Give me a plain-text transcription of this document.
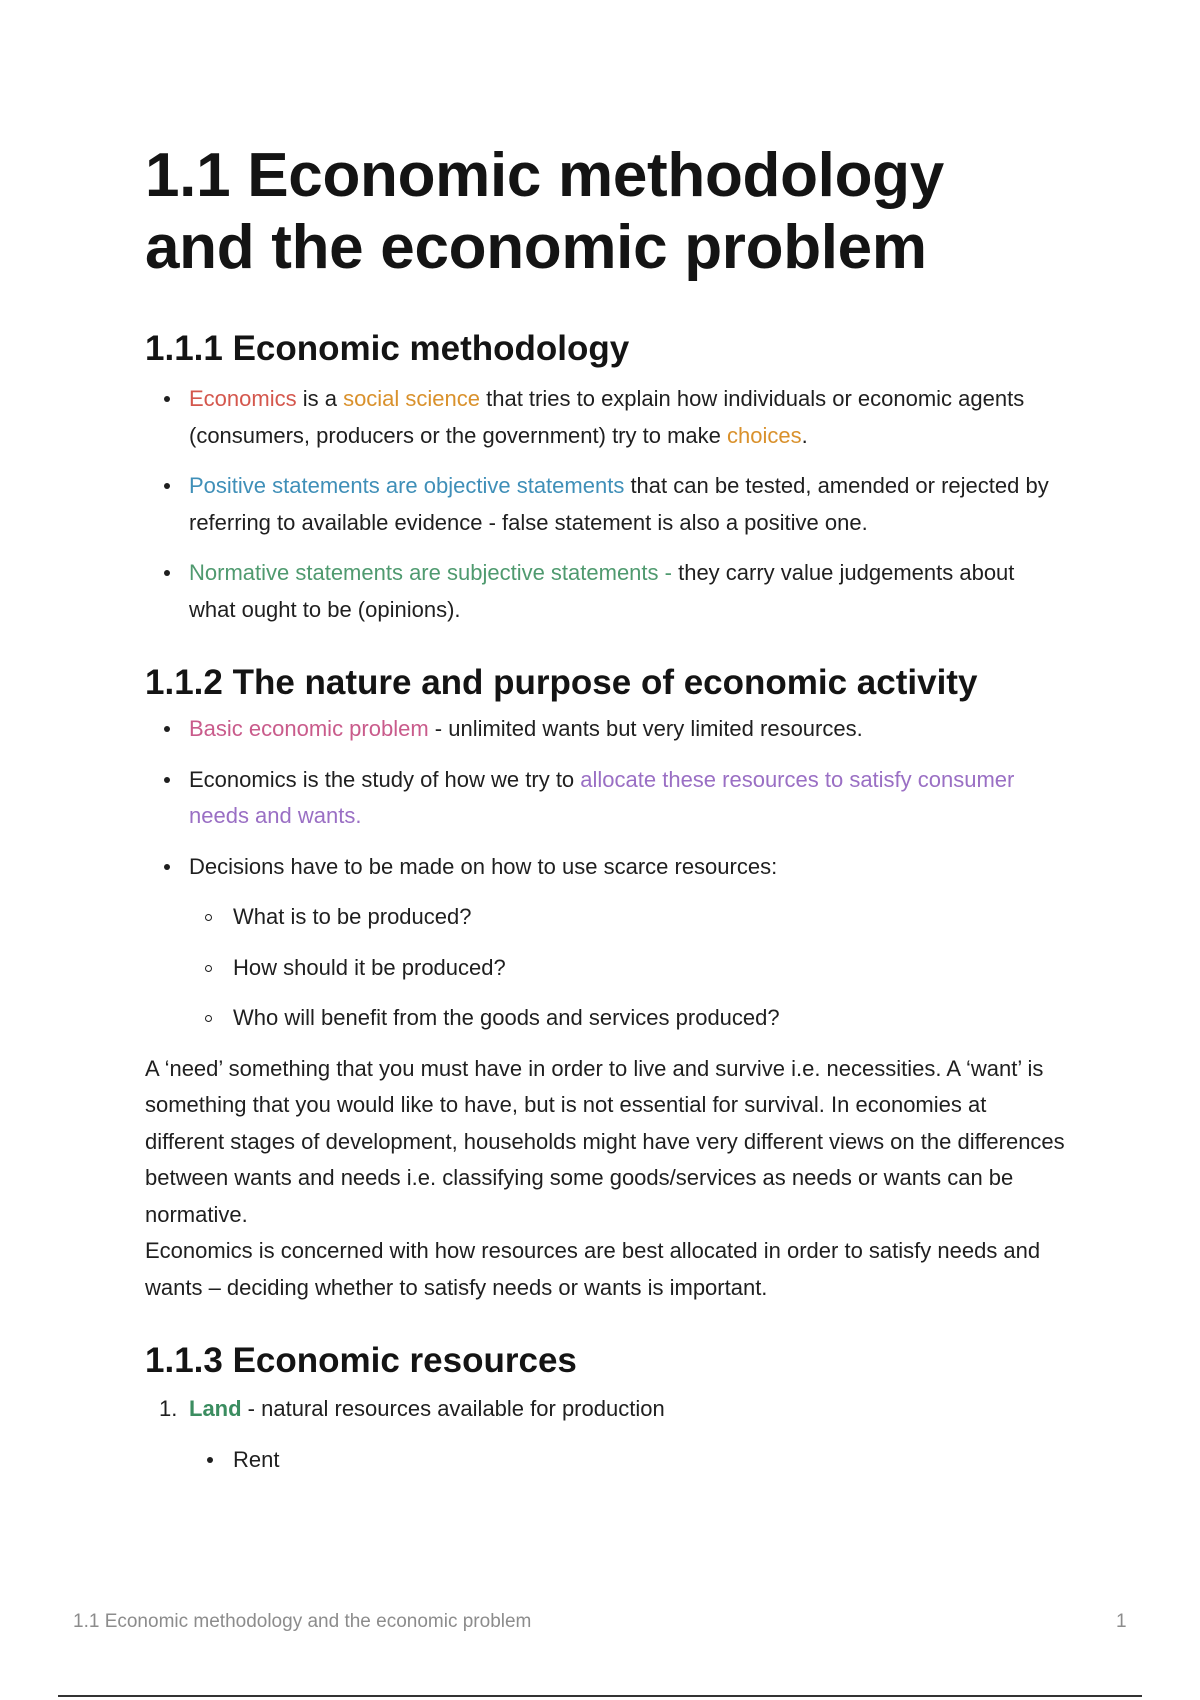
1.1 Economic methodology and the economic problem
1.1.1 Economic methodology
Economics is a social science that tries to explain how individuals or economic agents (consumers, producers or the government) try to make choices.
Positive statements are objective statements that can be tested, amended or rejected by referring to available evidence - false statement is also a positive one.
Normative statements are subjective statements - they carry value judgements about what ought to be (opinions).
1.1.2 The nature and purpose of economic activity
Basic economic problem - unlimited wants but very limited resources.
Economics is the study of how we try to allocate these resources to satisfy consumer needs and wants.
Decisions have to be made on how to use scarce resources:
What is to be produced?
How should it be produced?
Who will benefit from the goods and services produced?

A ‘need’ something that you must have in order to live and survive i.e. necessities. A ‘want’ is something that you would like to have, but is not essential for survival. In economies at different stages of development, households might have very different views on the differences between wants and needs i.e. classifying some goods/services as needs or wants can be normative.

Economics is concerned with how resources are best allocated in order to satisfy needs and wants – deciding whether to satisfy needs or wants is important.

1.1.3 Economic resources
1. Land - natural resources available for production
Rent
1.1 Economic methodology and the economic problem	1
